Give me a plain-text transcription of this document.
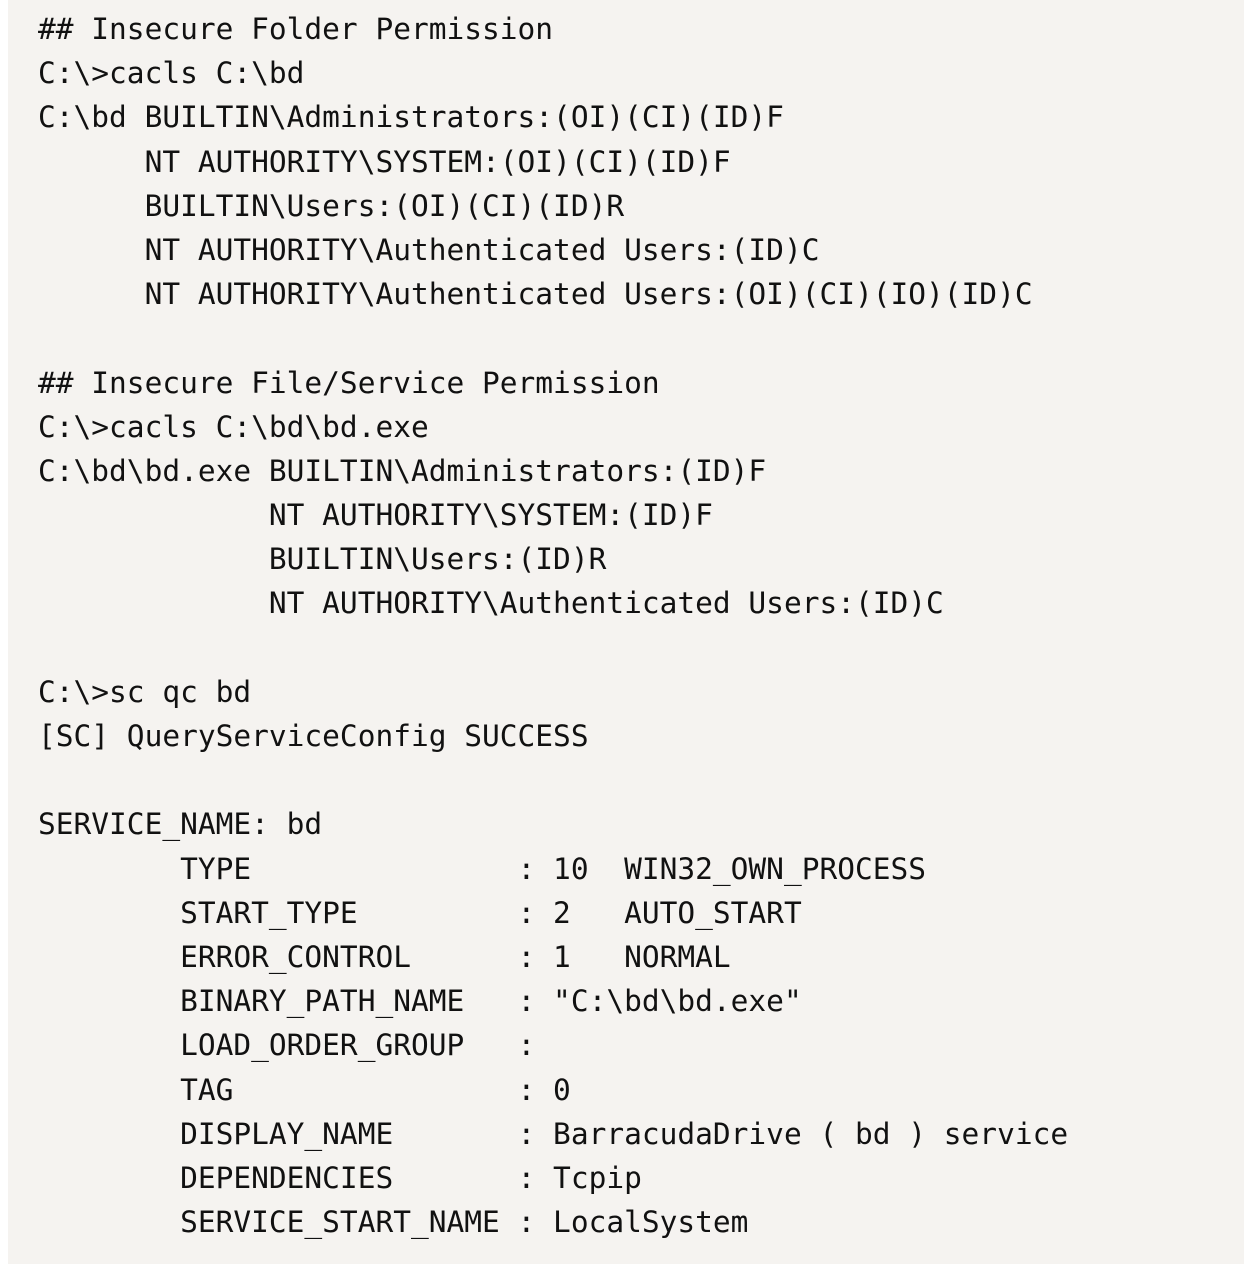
## Insecure Folder Permission
C:\>cacls C:\bd
C:\bd BUILTIN\Administrators:(OI)(CI)(ID)F
NT AUTHORITY\SYSTEM:(OI)(CI)(ID)F
BUILTIN\Users:(OI)(CI)(ID)R
NT AUTHORITY\Authenticated Users:(ID)C
NT AUTHORITY\Authenticated Users:(OI)(CI)(IO)(ID)C
## Insecure File/Service Permission
C:\>cacls C:\bd\bd.exe
C:\bd\bd.exe BUILTIN\Administrators:(ID)F
NT AUTHORITY\SYSTEM:(ID)F
BUILTIN\Users:(ID)R
NT AUTHORITY\Authenticated Users:(ID)C
C:\>sc qc bd
[SC] QueryServiceConfig SUCCESS
SERVICE_NAME: bd
TYPE               : 10  WIN32_OWN_PROCESS
START_TYPE         : 2   AUTO_START
ERROR_CONTROL      : 1   NORMAL
BINARY_PATH_NAME   : "C:\bd\bd.exe"
LOAD_ORDER_GROUP   :
TAG                : 0
DISPLAY_NAME       : BarracudaDrive ( bd ) service
DEPENDENCIES       : Tcpip
SERVICE_START_NAME : LocalSystem
